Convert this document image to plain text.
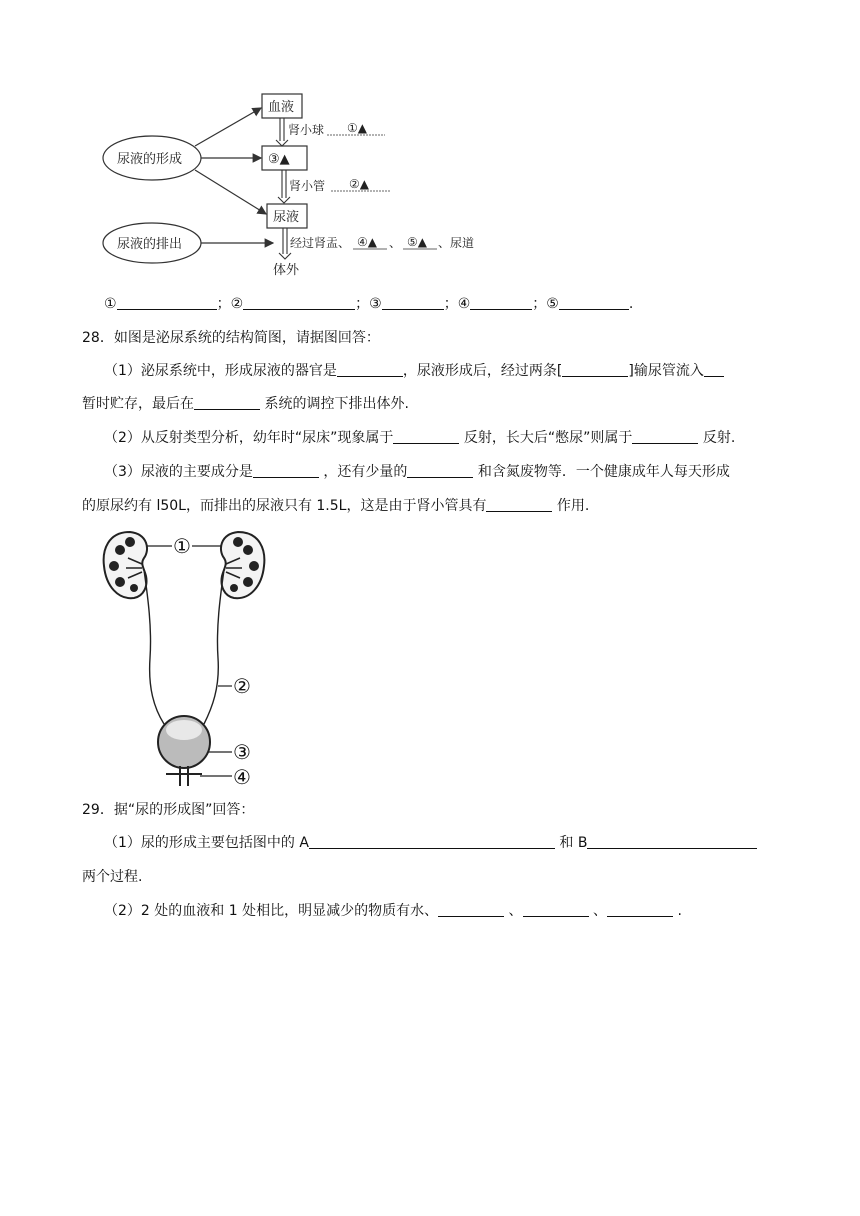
尿液的形成
尿液的排出
血液
③▲
尿液
肾小球 ①▲
肾小管 ②▲
经过肾盂、 ④▲ 、 ⑤▲ 、尿道
体外
①	；②	；③	；④	；⑤	.
28．如图是泌尿系统的结构简图，请据图回答：
（1）泌尿系统中，形成尿液的器官是	，尿液形成后，经过两条[	]输尿管流入
暂时贮存，最后在	系统的调控下排出体外.
（2）从反射类型分析，幼年时“尿床”现象属于	反射，长大后“憋尿”则属于	反射.
（3）尿液的主要成分是	，还有少量的	和含氮废物等．一个健康成年人每天形成
的原尿约有 l50L，而排出的尿液只有 1.5L，这是由于肾小管具有	作用.
①
②
③
④
29．据“尿的形成图”回答：
（1）尿的形成主要包括图中的 A	和 B
两个过程.
（2）2 处的血液和 1 处相比，明显减少的物质有水、	、	、	.
